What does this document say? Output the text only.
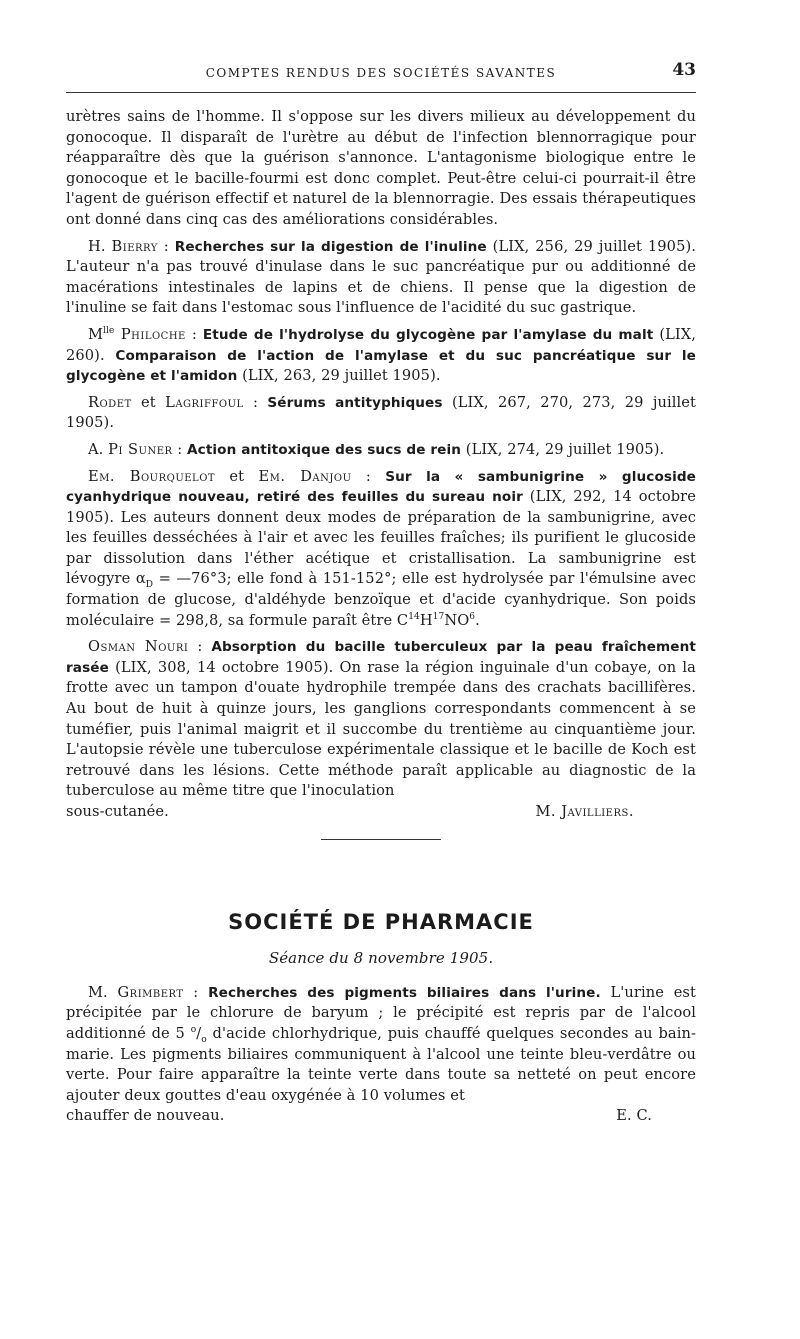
COMPTES RENDUS DES SOCIÉTÉS SAVANTES	43

urètres sains de l'homme. Il s'oppose sur les divers milieux au développement du gonocoque. Il disparaît de l'urètre au début de l'infection blennorragique pour réapparaître dès que la guérison s'annonce. L'antagonisme biologique entre le gonocoque et le bacille-fourmi est donc complet. Peut-être celui-ci pourrait-il être l'agent de guérison effectif et naturel de la blennorragie. Des essais thérapeutiques ont donné dans cinq cas des améliorations considérables.

H. Bierry : Recherches sur la digestion de l'inuline (LIX, 256, 29 juillet 1905). L'auteur n'a pas trouvé d'inulase dans le suc pancréatique pur ou additionné de macérations intestinales de lapins et de chiens. Il pense que la digestion de l'inuline se fait dans l'estomac sous l'influence de l'acidité du suc gastrique.

$M^{lle}$ Philoche : Etude de l'hydrolyse du glycogène par l'amylase du malt (LIX, 260). Comparaison de l'action de l'amylase et du suc pancréatique sur le glycogène et l'amidon (LIX, 263, 29 juillet 1905).

Rodet et Lagriffoul : Sérums antityphiques (LIX, 267, 270, 273, 29 juillet 1905).

A. Pi Suner : Action antitoxique des sucs de rein (LIX, 274, 29 juillet 1905).

Em. Bourquelot et Em. Danjou : Sur la « sambunigrine » glucoside cyanhydrique nouveau, retiré des feuilles du sureau noir (LIX, 292, 14 octobre 1905). Les auteurs donnent deux modes de préparation de la sambunigrine, avec les feuilles desséchées à l'air et avec les feuilles fraîches; ils purifient le glucoside par dissolution dans l'éther acétique et cristallisation. La sambunigrine est lévogyre $\alpha_D$ = —76°3; elle fond à 151-152°; elle est hydrolysée par l'émulsine avec formation de glucose, d'aldéhyde benzoïque et d'acide cyanhydrique. Son poids moléculaire = 298,8, sa formule paraît être $C^{14}H^{17}NO^6$.

Osman Nouri : Absorption du bacille tuberculeux par la peau fraîchement rasée (LIX, 308, 14 octobre 1905). On rase la région inguinale d'un cobaye, on la frotte avec un tampon d'ouate hydrophile trempée dans des crachats bacillifères. Au bout de huit à quinze jours, les ganglions correspondants commencent à se tuméfier, puis l'animal maigrit et il succombe du trentième au cinquantième jour. L'autopsie révèle une tuberculose expérimentale classique et le bacille de Koch est retrouvé dans les lésions. Cette méthode paraît applicable au diagnostic de la tuberculose au même titre que l'inoculation

sous-cutanée.	M. Javilliers.
SOCIÉTÉ DE PHARMACIE
Séance du 8 novembre 1905.

M. Grimbert : Recherches des pigments biliaires dans l'urine. L'urine est précipitée par le chlorure de baryum ; le précipité est repris par de l'alcool additionné de 5 $^o/_o$ d'acide chlorhydrique, puis chauffé quelques secondes au bain-marie. Les pigments biliaires communiquent à l'alcool une teinte bleu-verdâtre ou verte. Pour faire apparaître la teinte verte dans toute sa netteté on peut encore ajouter deux gouttes d'eau oxygénée à 10 volumes et

chauffer de nouveau.	E. C.
